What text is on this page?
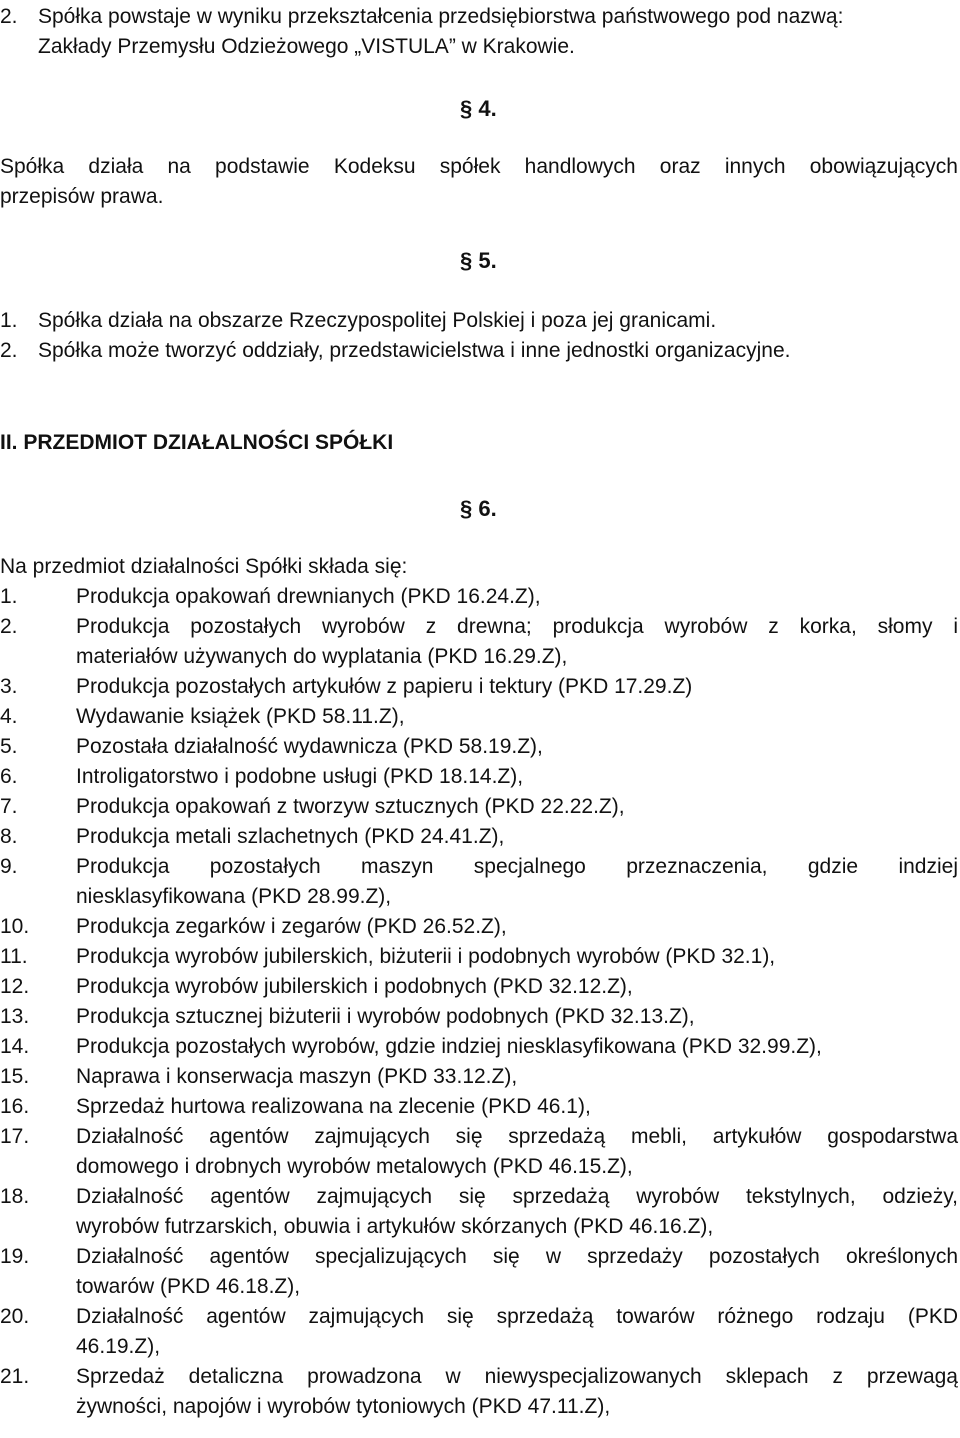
2. Spółka powstaje w wyniku przekształcenia przedsiębiorstwa państwowego pod nazwą:
Zakłady Przemysłu Odzieżowego „VISTULA” w Krakowie.
§ 4.
Spółka działa na podstawie Kodeksu spółek handlowych oraz innych obowiązujących
przepisów prawa.
§ 5.
1. Spółka działa na obszarze Rzeczypospolitej Polskiej i poza jej granicami.
2. Spółka może tworzyć oddziały, przedstawicielstwa i inne jednostki organizacyjne.
II. PRZEDMIOT DZIAŁALNOŚCI SPÓŁKI
§ 6.
Na przedmiot działalności Spółki składa się:
1.	Produkcja opakowań drewnianych (PKD 16.24.Z),
2.	Produkcja pozostałych wyrobów z drewna; produkcja wyrobów z korka, słomy i
materiałów używanych do wyplatania (PKD 16.29.Z),
3.	Produkcja pozostałych artykułów z papieru i tektury (PKD 17.29.Z)
4.	Wydawanie książek (PKD 58.11.Z),
5.	Pozostała działalność wydawnicza (PKD 58.19.Z),
6.	Introligatorstwo i podobne usługi (PKD 18.14.Z),
7.	Produkcja opakowań z tworzyw sztucznych (PKD 22.22.Z),
8.	Produkcja metali szlachetnych (PKD 24.41.Z),
9.	Produkcja pozostałych maszyn specjalnego przeznaczenia, gdzie indziej
niesklasyfikowana (PKD 28.99.Z),
10.	Produkcja zegarków i zegarów (PKD 26.52.Z),
11.	Produkcja wyrobów jubilerskich, biżuterii i podobnych wyrobów (PKD 32.1),
12.	Produkcja wyrobów jubilerskich i podobnych (PKD 32.12.Z),
13.	Produkcja sztucznej biżuterii i wyrobów podobnych (PKD 32.13.Z),
14.	Produkcja pozostałych wyrobów, gdzie indziej niesklasyfikowana (PKD 32.99.Z),
15.	Naprawa i konserwacja maszyn (PKD 33.12.Z),
16.	Sprzedaż hurtowa realizowana na zlecenie (PKD 46.1),
17.	Działalność agentów zajmujących się sprzedażą mebli, artykułów gospodarstwa
domowego i drobnych wyrobów metalowych (PKD 46.15.Z),
18.	Działalność agentów zajmujących się sprzedażą wyrobów tekstylnych, odzieży,
wyrobów futrzarskich, obuwia i artykułów skórzanych (PKD 46.16.Z),
19.	Działalność agentów specjalizujących się w sprzedaży pozostałych określonych
towarów (PKD 46.18.Z),
20.	Działalność agentów zajmujących się sprzedażą towarów różnego rodzaju (PKD
46.19.Z),
21.	Sprzedaż detaliczna prowadzona w niewyspecjalizowanych sklepach z przewagą
żywności, napojów i wyrobów tytoniowych (PKD 47.11.Z),
